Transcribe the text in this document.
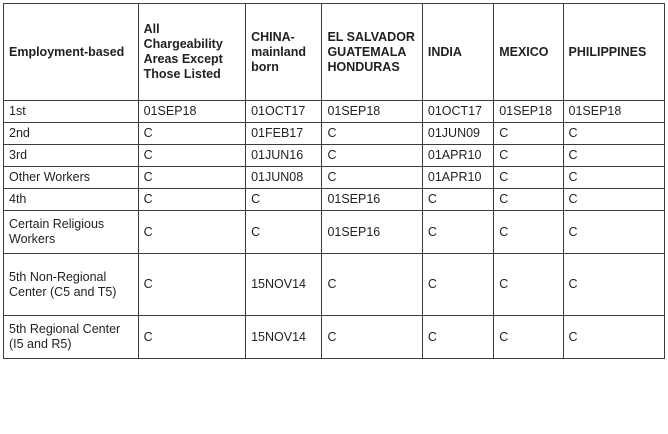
Employment-based	All Chargeability Areas Except Those Listed	CHINA-mainland born	EL SALVADOR GUATEMALA HONDURAS	INDIA	MEXICO	PHILIPPINES

1st	01SEP18	01OCT17	01SEP18	01OCT17	01SEP18	01SEP18
2nd	C	01FEB17	C	01JUN09	C	C
3rd	C	01JUN16	C	01APR10	C	C
Other Workers	C	01JUN08	C	01APR10	C	C
4th	C	C	01SEP16	C	C	C
Certain Religious Workers	C	C	01SEP16	C	C	C
5th Non-Regional Center (C5 and T5)	C	15NOV14	C	C	C	C
5th Regional Center (I5 and R5)	C	15NOV14	C	C	C	C
